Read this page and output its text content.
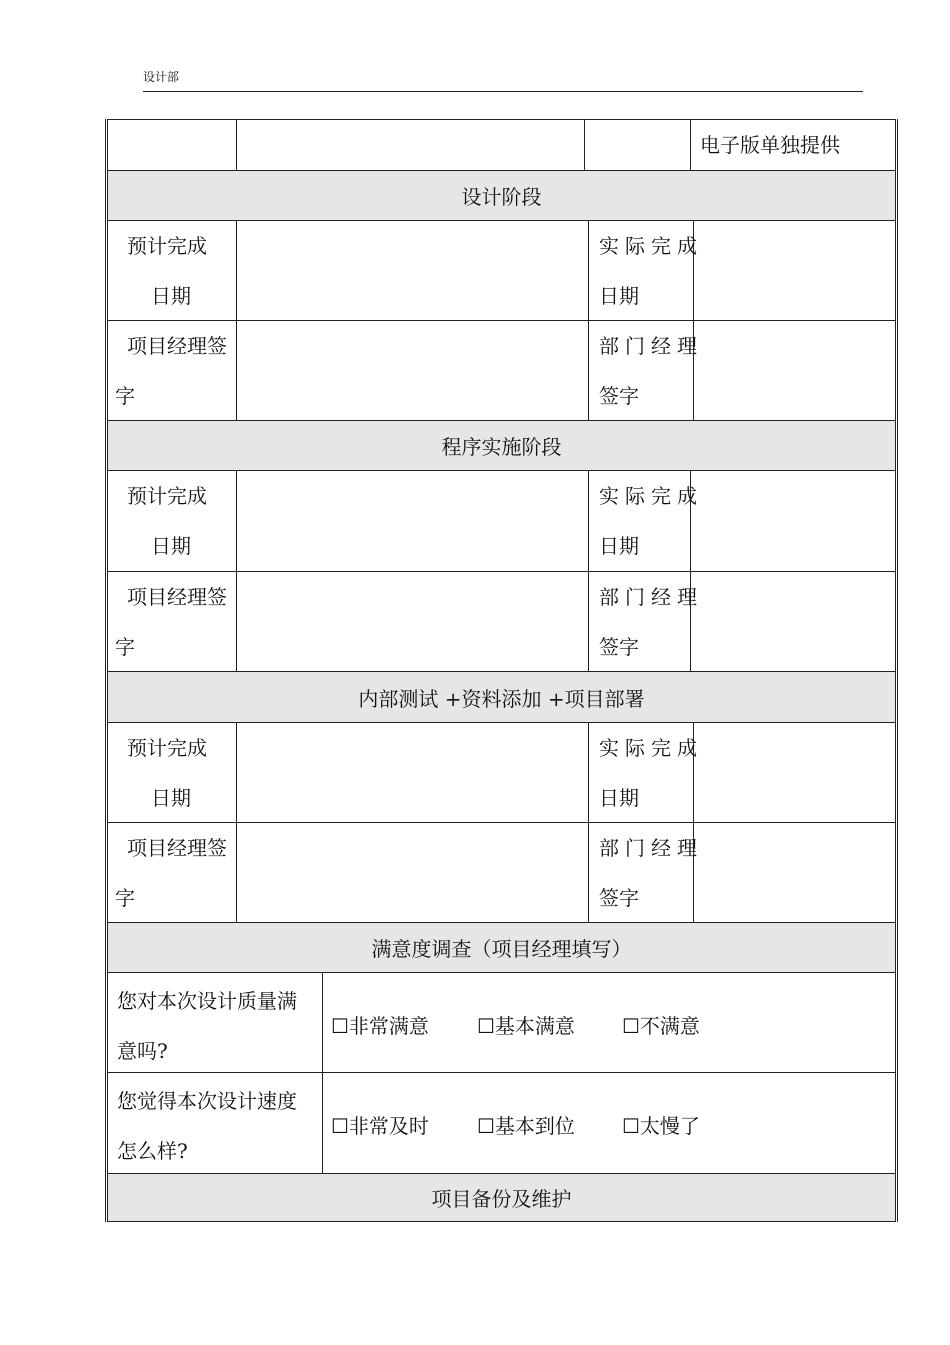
设计部
电子版单独提供
设计阶段
预计完成
日期
实际完成
日期
项目经理签
字
部门经理
签字
程序实施阶段
预计完成
日期
实际完成
日期
项目经理签
字
部门经理
签字
内部测试 +资料添加 +项目部署
预计完成
日期
实际完成
日期
项目经理签
字
部门经理
签字
满意度调查（项目经理填写）
您对本次设计质量满
意吗?
☐非常满意 ☐基本满意 ☐不满意
您觉得本次设计速度
怎么样?
☐非常及时 ☐基本到位 ☐太慢了
项目备份及维护
